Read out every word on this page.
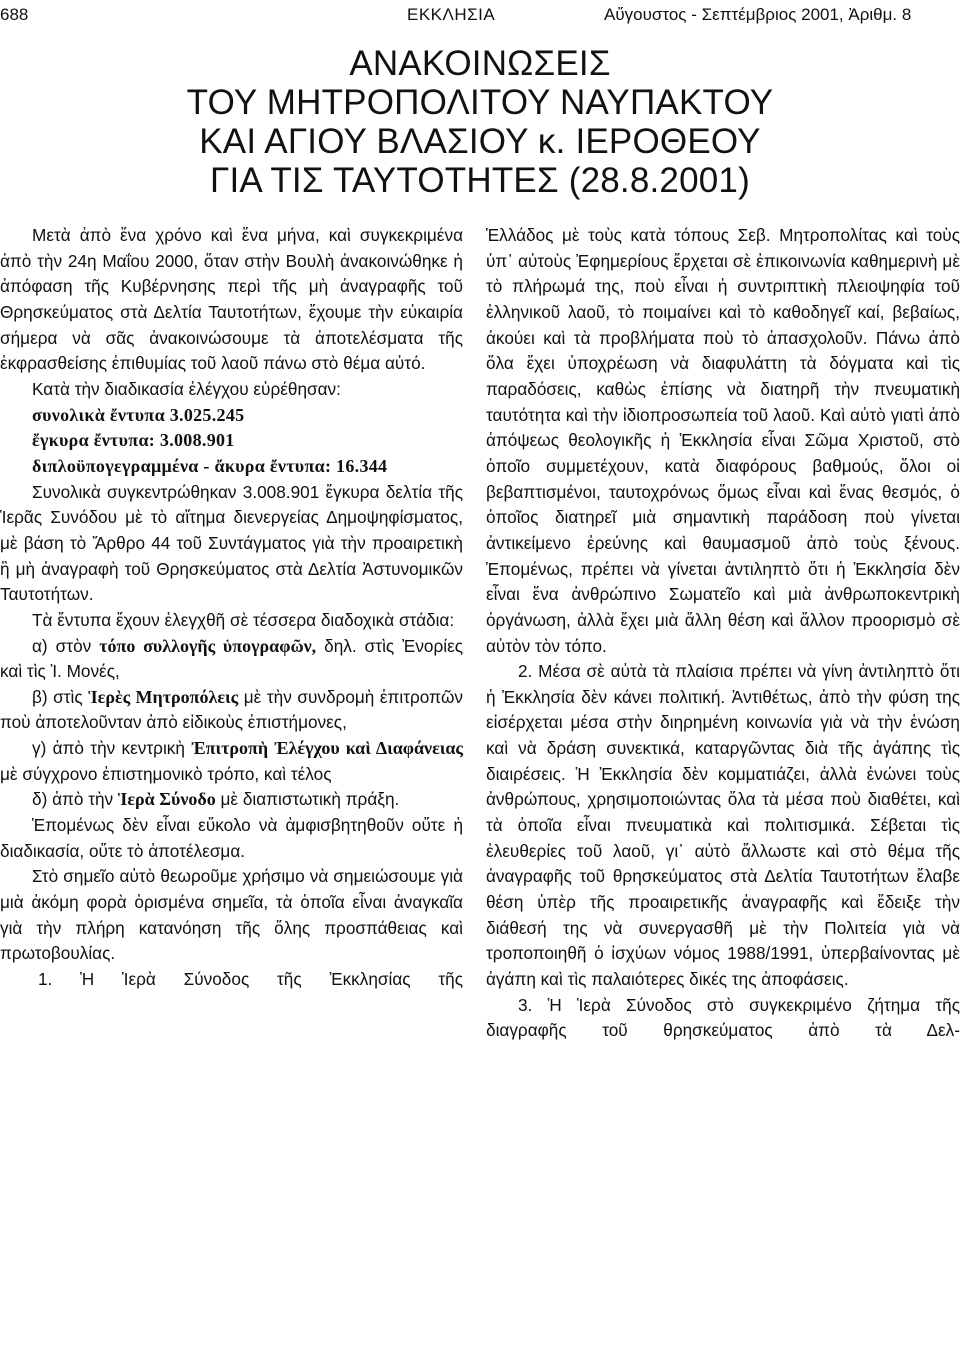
688	ΕΚΚΛΗΣΙΑ	Αὔγουστος - Σεπτέμβριος 2001, Ἀριθμ. 8
ΑΝΑΚΟΙΝΩΣΕΙΣ
ΤΟΥ ΜΗΤΡΟΠΟΛΙΤΟΥ ΝΑΥΠΑΚΤΟΥ
ΚΑΙ ΑΓΙΟΥ ΒΛΑΣΙΟΥ κ. ΙΕΡΟΘΕΟΥ
ΓΙΑ ΤΙΣ ΤΑΥΤΟΤΗΤΕΣ (28.8.2001)

Μετὰ ἀπὸ ἕνα χρόνο καὶ ἕνα μήνα, καὶ συγκεκριμένα ἀπὸ τὴν 24η Μαΐου 2000, ὅταν στὴν Βουλὴ ἀνακοινώθηκε ἡ ἀπόφαση τῆς Κυβέρνησης περὶ τῆς μὴ ἀναγραφῆς τοῦ Θρησκεύματος στὰ Δελτία Ταυτοτήτων, ἔχουμε τὴν εὐκαιρία σήμερα νὰ σᾶς ἀνακοινώσουμε τὰ ἀποτελέσματα τῆς ἐκφρασθείσης ἐπιθυμίας τοῦ λαοῦ πάνω στὸ θέμα αὐτό.

Κατὰ τὴν διαδικασία ἐλέγχου εὑρέθησαν:

συνολικὰ ἔντυπα 3.025.245

ἔγκυρα ἔντυπα: 3.008.901

διπλοϋπογεγραμμένα - ἄκυρα ἔντυπα: 16.344

Συνολικὰ συγκεντρώθηκαν 3.008.901 ἔγκυρα δελτία τῆς Ἱερᾶς Συνόδου μὲ τὸ αἴτημα διενεργείας Δημοψηφίσματος, μὲ βάση τὸ Ἄρθρο 44 τοῦ Συντάγματος γιὰ τὴν προαιρετικὴ ἢ μὴ ἀναγραφὴ τοῦ Θρησκεύματος στὰ Δελτία Ἀστυνομικῶν Ταυτοτήτων.

Τὰ ἔντυπα ἔχουν ἐλεγχθῆ σὲ τέσσερα διαδοχικὰ στάδια:

α) στὸν τόπο συλλογῆς ὑπογραφῶν, δηλ. στὶς Ἐνορίες καὶ τὶς Ἱ. Μονές,

β) στὶς Ἱερὲς Μητροπόλεις μὲ τὴν συνδρομὴ ἐπιτροπῶν ποὺ ἀποτελοῦνταν ἀπὸ εἰδικοὺς ἐπιστήμονες,

γ) ἀπὸ τὴν κεντρικὴ Ἐπιτροπὴ Ἐλέγχου καὶ Διαφάνειας μὲ σύγχρονο ἐπιστημονικὸ τρόπο, καὶ τέλος

δ) ἀπὸ τὴν Ἱερὰ Σύνοδο μὲ διαπιστωτικὴ πράξη.

Ἑπομένως δὲν εἶναι εὔκολο νὰ ἀμφισβητηθοῦν οὔτε ἡ διαδικασία, οὔτε τὸ ἀποτέλεσμα.

Στὸ σημεῖο αὐτὸ θεωροῦμε χρήσιμο νὰ σημειώσουμε γιὰ μιὰ ἀκόμη φορὰ ὁρισμένα σημεῖα, τὰ ὁποῖα εἶναι ἀναγκαῖα γιὰ τὴν πλήρη κατανόηση τῆς ὅλης προσπάθειας καὶ πρωτοβουλίας.

1. Ἡ Ἱερὰ Σύνοδος τῆς Ἐκκλησίας τῆς

Ἑλλάδος μὲ τοὺς κατὰ τόπους Σεβ. Μητροπολίτας καὶ τοὺς ὑπ᾽ αὐτοὺς Ἐφημερίους ἔρχεται σὲ ἐπικοινωνία καθημερινὴ μὲ τὸ πλήρωμά της, ποὺ εἶναι ἡ συντριπτικὴ πλειοψηφία τοῦ ἑλληνικοῦ λαοῦ, τὸ ποιμαίνει καὶ τὸ καθοδηγεῖ καί, βεβαίως, ἀκούει καὶ τὰ προβλήματα ποὺ τὸ ἀπασχολοῦν. Πάνω ἀπὸ ὅλα ἔχει ὑποχρέωση νὰ διαφυλάττη τὰ δόγματα καὶ τὶς παραδόσεις, καθὼς ἐπίσης νὰ διατηρῆ τὴν πνευματικὴ ταυτότητα καὶ τὴν ἰδιοπροσωπεία τοῦ λαοῦ. Καὶ αὐτὸ γιατὶ ἀπὸ ἀπόψεως θεολογικῆς ἡ Ἐκκλησία εἶναι Σῶμα Χριστοῦ, στὸ ὁποῖο συμμετέχουν, κατὰ διαφόρους βαθμούς, ὅλοι οἱ βεβαπτισμένοι, ταυτοχρόνως ὅμως εἶναι καὶ ἕνας θεσμός, ὁ ὁποῖος διατηρεῖ μιὰ σημαντικὴ παράδοση ποὺ γίνεται ἀντικείμενο ἐρεύνης καὶ θαυμασμοῦ ἀπὸ τοὺς ξένους. Ἑπομένως, πρέπει νὰ γίνεται ἀντιληπτὸ ὅτι ἡ Ἐκκλησία δὲν εἶναι ἕνα ἀνθρώπινο Σωματεῖο καὶ μιὰ ἀνθρωποκεντρικὴ ὀργάνωση, ἀλλὰ ἔχει μιὰ ἄλλη θέση καὶ ἄλλον προορισμὸ σὲ αὐτὸν τὸν τόπο.

2. Μέσα σὲ αὐτὰ τὰ πλαίσια πρέπει νὰ γίνη ἀντιληπτὸ ὅτι ἡ Ἐκκλησία δὲν κάνει πολιτική. Ἀντιθέτως, ἀπὸ τὴν φύση της εἰσέρχεται μέσα στὴν διηρημένη κοινωνία γιὰ νὰ τὴν ἑνώση καὶ νὰ δράση συνεκτικά, καταργῶντας διὰ τῆς ἀγάπης τὶς διαιρέσεις. Ἡ Ἐκκλησία δὲν κομματιάζει, ἀλλὰ ἑνώνει τοὺς ἀνθρώπους, χρησιμοποιώντας ὅλα τὰ μέσα ποὺ διαθέτει, καὶ τὰ ὁποῖα εἶναι πνευματικὰ καὶ πολιτισμικά. Σέβεται τὶς ἐλευθερίες τοῦ λαοῦ, γι᾽ αὐτὸ ἄλλωστε καὶ στὸ θέμα τῆς ἀναγραφῆς τοῦ θρησκεύματος στὰ Δελτία Ταυτοτήτων ἔλαβε θέση ὑπὲρ τῆς προαιρετικῆς ἀναγραφῆς καὶ ἔδειξε τὴν διάθεσή της νὰ συνεργασθῆ μὲ τὴν Πολιτεία γιὰ νὰ τροποποιηθῆ ὁ ἰσχύων νόμος 1988/1991, ὑπερβαίνοντας μὲ ἀγάπη καὶ τὶς παλαιότερες δικές της ἀποφάσεις.

3. Ἡ Ἱερὰ Σύνοδος στὸ συγκεκριμένο ζήτημα τῆς διαγραφῆς τοῦ θρησκεύματος ἀπὸ τὰ Δελ-
